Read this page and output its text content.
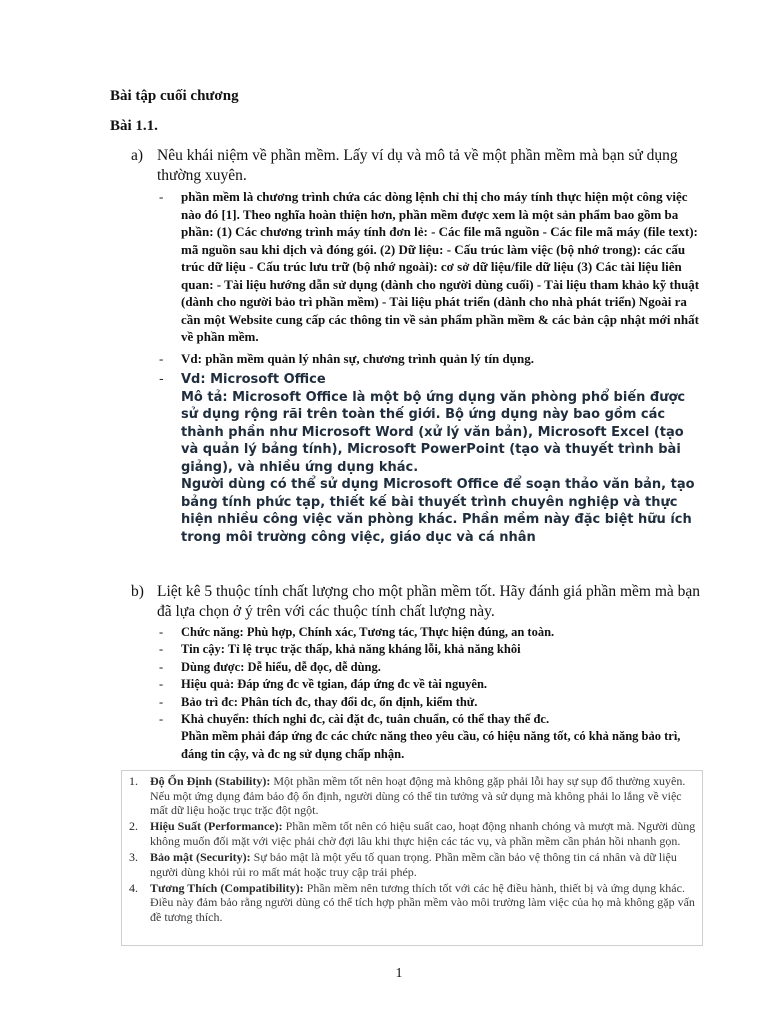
Bài tập cuối chương
Bài 1.1.
a) Nêu khái niệm về phần mềm. Lấy ví dụ và mô tả về một phần mềm mà bạn sử dụng thường xuyên.
- phần mềm là chương trình chứa các dòng lệnh chỉ thị cho máy tính thực hiện một công việc nào đó [1]. Theo nghĩa hoàn thiện hơn, phần mềm được xem là một sản phẩm bao gồm ba phần: (1) Các chương trình máy tính đơn lẻ: - Các file mã nguồn - Các file mã máy (file text): mã nguồn sau khi dịch và đóng gói. (2) Dữ liệu: - Cấu trúc làm việc (bộ nhớ trong): các cấu trúc dữ liệu - Cấu trúc lưu trữ (bộ nhớ ngoài): cơ sở dữ liệu/file dữ liệu (3) Các tài liệu liên quan: - Tài liệu hướng dẫn sử dụng (dành cho người dùng cuối) - Tài liệu tham khảo kỹ thuật (dành cho người bảo trì phần mềm) - Tài liệu phát triển (dành cho nhà phát triển) Ngoài ra cần một Website cung cấp các thông tin về sản phẩm phần mềm & các bản cập nhật mới nhất về phần mềm.
- Vd: phần mềm quản lý nhân sự, chương trình quản lý tín dụng.
- Vd: Microsoft Office
Mô tả: Microsoft Office là một bộ ứng dụng văn phòng phổ biến được sử dụng rộng rãi trên toàn thế giới. Bộ ứng dụng này bao gồm các thành phần như Microsoft Word (xử lý văn bản), Microsoft Excel (tạo và quản lý bảng tính), Microsoft PowerPoint (tạo và thuyết trình bài giảng), và nhiều ứng dụng khác.
Người dùng có thể sử dụng Microsoft Office để soạn thảo văn bản, tạo bảng tính phức tạp, thiết kế bài thuyết trình chuyên nghiệp và thực hiện nhiều công việc văn phòng khác. Phần mềm này đặc biệt hữu ích trong môi trường công việc, giáo dục và cá nhân
b) Liệt kê 5 thuộc tính chất lượng cho một phần mềm tốt. Hãy đánh giá phần mềm mà bạn đã lựa chọn ở ý trên với các thuộc tính chất lượng này.
- Chức năng: Phù hợp, Chính xác, Tương tác, Thực hiện đúng, an toàn.
- Tin cậy: Tỉ lệ trục trặc thấp, khả năng kháng lỗi, khả năng khôi
- Dùng được: Dễ hiểu, dễ đọc, dễ dùng.
- Hiệu quả: Đáp ứng đc về tgian, đáp ứng đc về tài nguyên.
- Bảo trì đc: Phân tích đc, thay đổi dc, ổn định, kiểm thử.
- Khả chuyển: thích nghi đc, cài đặt đc, tuân chuẩn, có thể thay thế đc.
Phần mềm phải đáp ứng đc các chức năng theo yêu cầu, có hiệu năng tốt, có khả năng bảo trì, đáng tin cậy, và đc ng sử dụng chấp nhận.
1. Độ Ổn Định (Stability): Một phần mềm tốt nên hoạt động mà không gặp phải lỗi hay sự sụp đổ thường xuyên. Nếu một ứng dụng đảm bảo độ ổn định, người dùng có thể tin tưởng và sử dụng mà không phải lo lắng về việc mất dữ liệu hoặc trục trặc đột ngột.
2. Hiệu Suất (Performance): Phần mềm tốt nên có hiệu suất cao, hoạt động nhanh chóng và mượt mà. Người dùng không muốn đối mặt với việc phải chờ đợi lâu khi thực hiện các tác vụ, và phần mềm cần phản hồi nhanh gọn.
3. Bảo mật (Security): Sự bảo mật là một yếu tố quan trọng. Phần mềm cần bảo vệ thông tin cá nhân và dữ liệu người dùng khỏi rủi ro mất mát hoặc truy cập trái phép.
4. Tương Thích (Compatibility): Phần mềm nên tương thích tốt với các hệ điều hành, thiết bị và ứng dụng khác. Điều này đảm bảo rằng người dùng có thể tích hợp phần mềm vào môi trường làm việc của họ mà không gặp vấn đề tương thích.
1
